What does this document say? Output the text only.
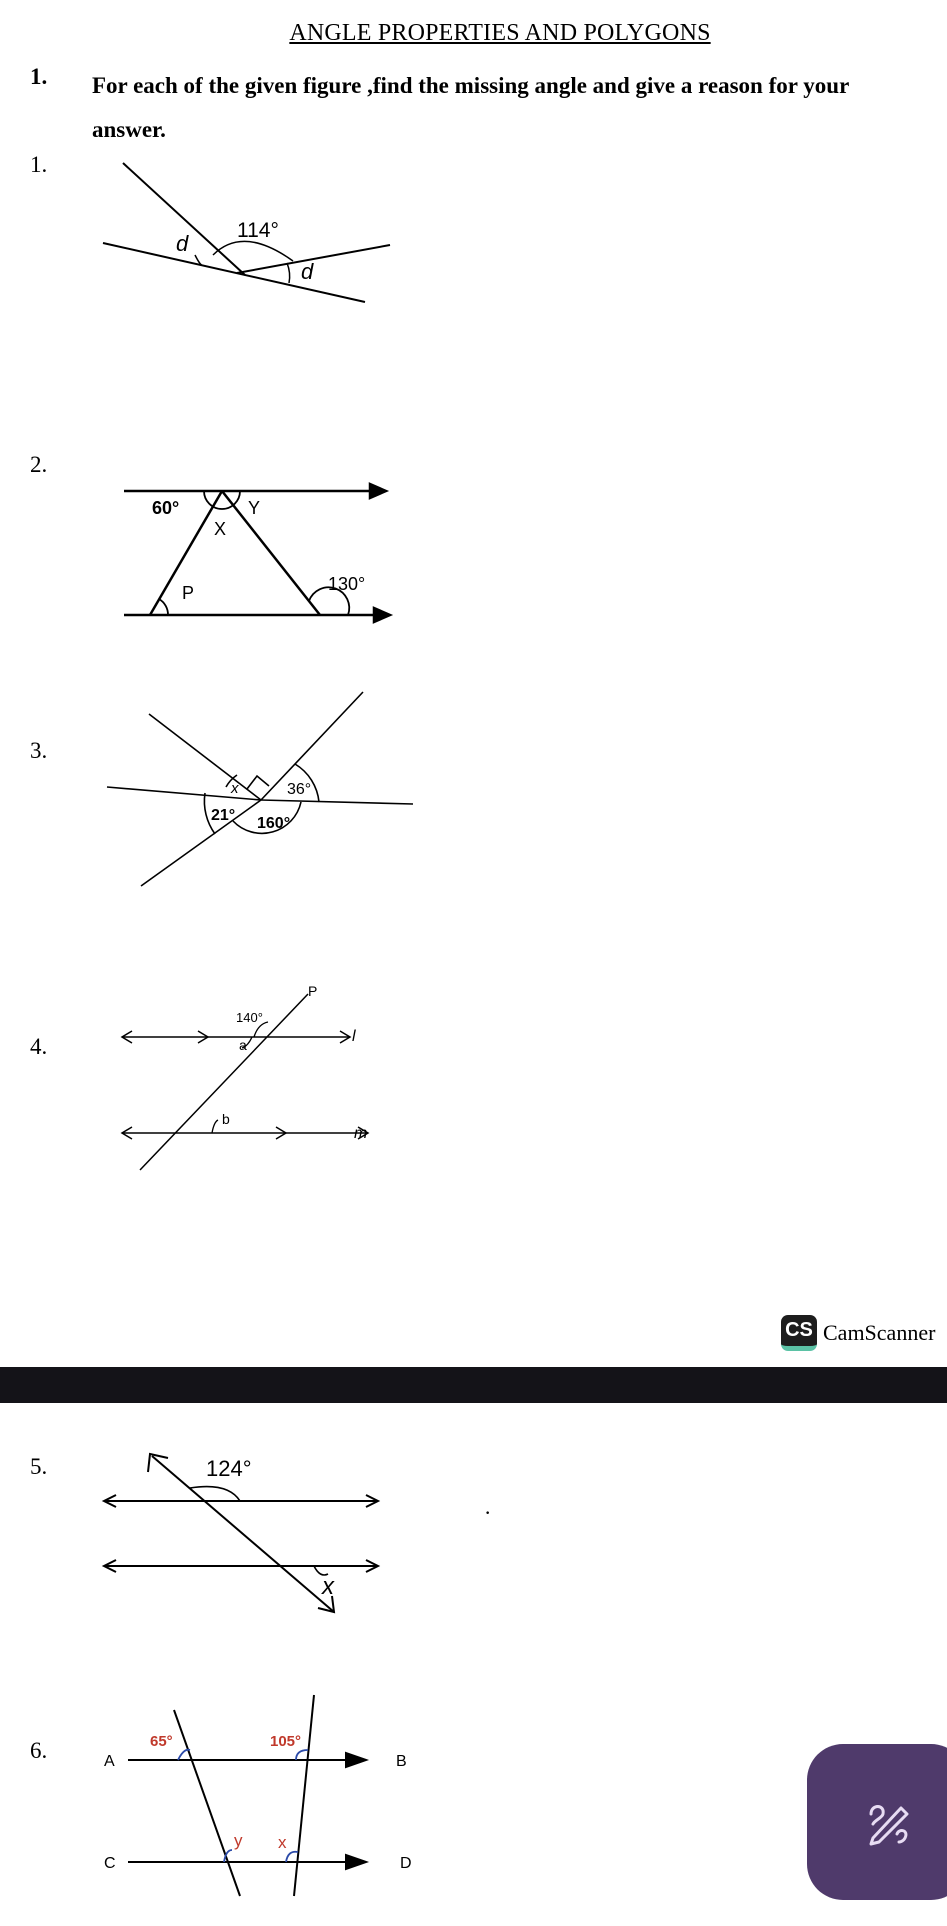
ANGLE PROPERTIES AND POLYGONS
1. For each of the given figure ,find the missing angle and give a reason for your answer.
1.
114°
d
d
2.
60°
X
Y
130°
P
3.
x	36°
21° 160°
4.
P
140°
l
a
b
m
CS CamScanner
5.	124°
x
·
6.	65°	105°
A	B
y x
C	D
